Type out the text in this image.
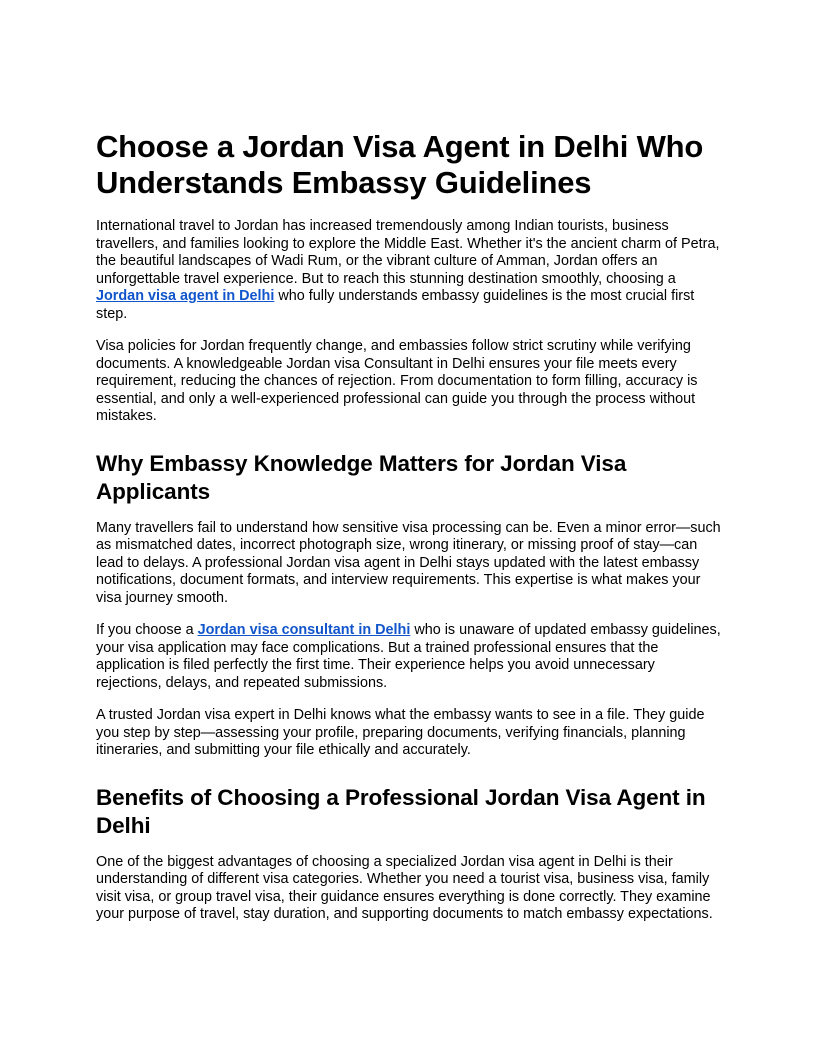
Choose a Jordan Visa Agent in Delhi Who Understands Embassy Guidelines

International travel to Jordan has increased tremendously among Indian tourists, business travellers, and families looking to explore the Middle East. Whether it's the ancient charm of Petra, the beautiful landscapes of Wadi Rum, or the vibrant culture of Amman, Jordan offers an unforgettable travel experience. But to reach this stunning destination smoothly, choosing a Jordan visa agent in Delhi who fully understands embassy guidelines is the most crucial first step.

Visa policies for Jordan frequently change, and embassies follow strict scrutiny while verifying documents. A knowledgeable Jordan visa Consultant in Delhi ensures your file meets every requirement, reducing the chances of rejection. From documentation to form filling, accuracy is essential, and only a well-experienced professional can guide you through the process without mistakes.

Why Embassy Knowledge Matters for Jordan Visa Applicants

Many travellers fail to understand how sensitive visa processing can be. Even a minor error—such as mismatched dates, incorrect photograph size, wrong itinerary, or missing proof of stay—can lead to delays. A professional Jordan visa agent in Delhi stays updated with the latest embassy notifications, document formats, and interview requirements. This expertise is what makes your visa journey smooth.

If you choose a Jordan visa consultant in Delhi who is unaware of updated embassy guidelines, your visa application may face complications. But a trained professional ensures that the application is filed perfectly the first time. Their experience helps you avoid unnecessary rejections, delays, and repeated submissions.

A trusted Jordan visa expert in Delhi knows what the embassy wants to see in a file. They guide you step by step—assessing your profile, preparing documents, verifying financials, planning itineraries, and submitting your file ethically and accurately.

Benefits of Choosing a Professional Jordan Visa Agent in Delhi

One of the biggest advantages of choosing a specialized Jordan visa agent in Delhi is their understanding of different visa categories. Whether you need a tourist visa, business visa, family visit visa, or group travel visa, their guidance ensures everything is done correctly. They examine your purpose of travel, stay duration, and supporting documents to match embassy expectations.
